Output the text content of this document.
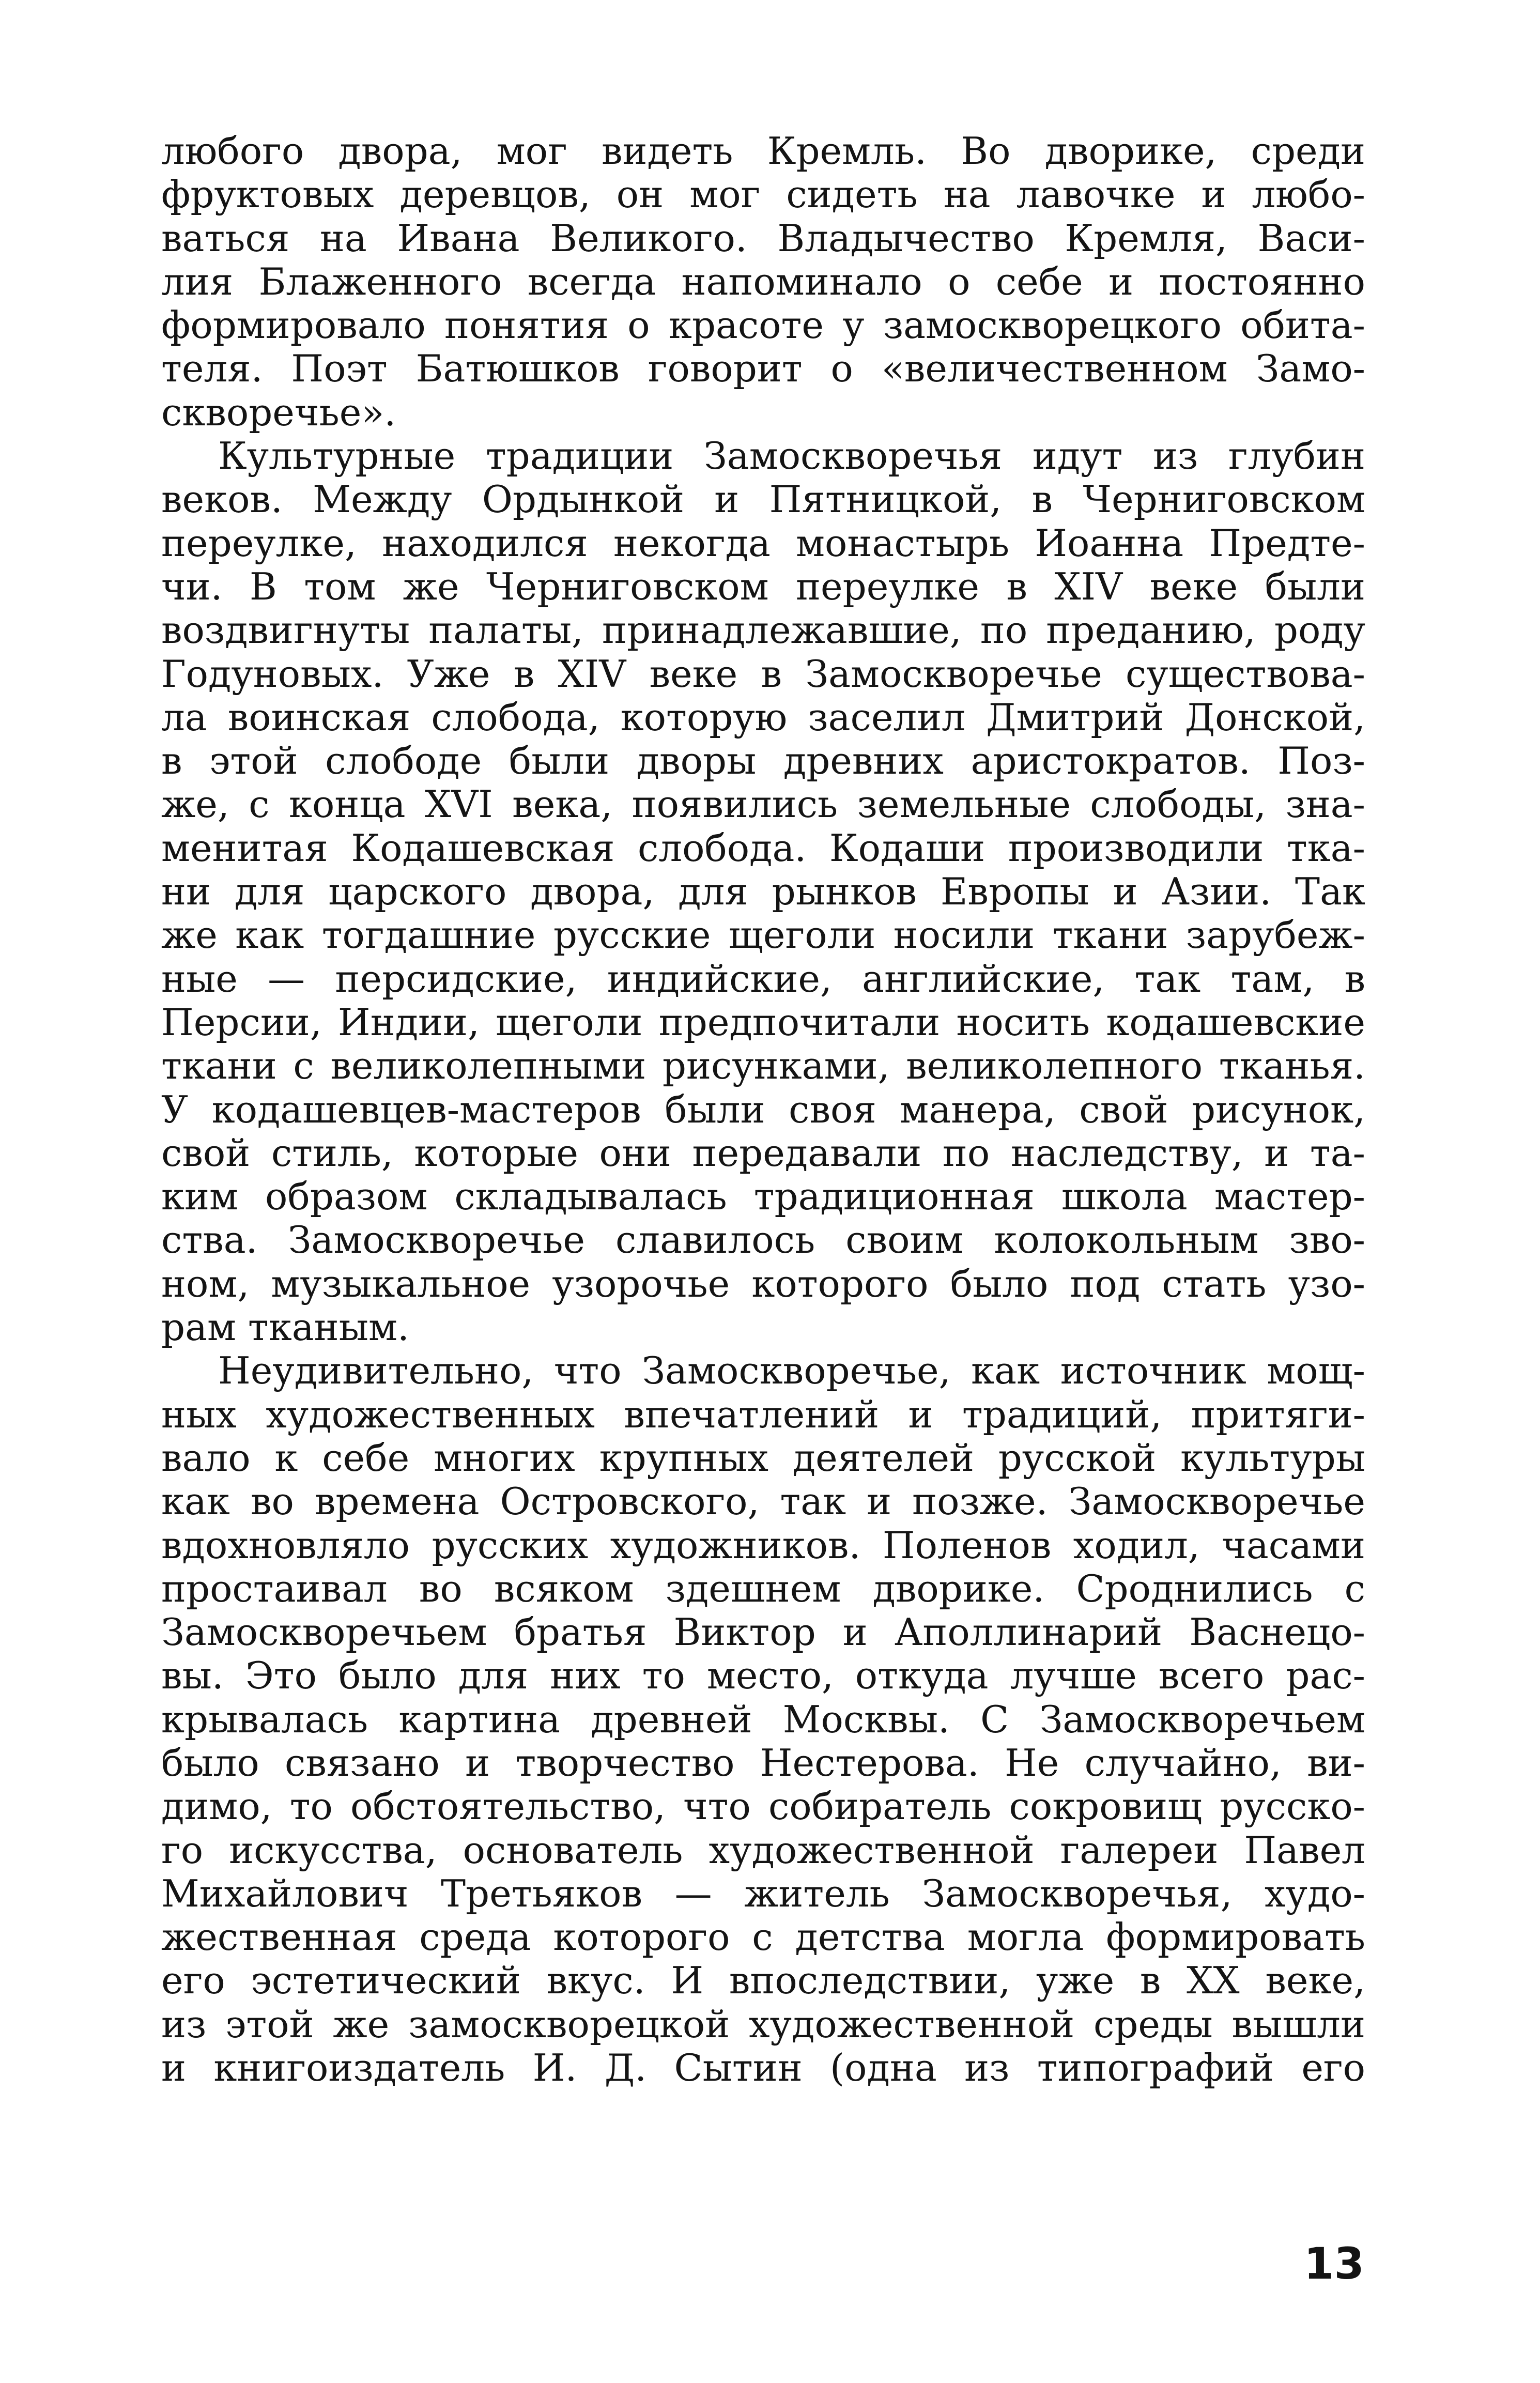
любого двора, мог видеть Кремль. Во дворике, среди
фруктовых деревцов, он мог сидеть на лавочке и любо-
ваться на Ивана Великого. Владычество Кремля, Васи-
лия Блаженного всегда напоминало о себе и постоянно
формировало понятия о красоте у замоскворецкого обита-
теля. Поэт Батюшков говорит о «величественном Замо-
скворечье».
Культурные традиции Замоскворечья идут из глубин
веков. Между Ордынкой и Пятницкой, в Черниговском
переулке, находился некогда монастырь Иоанна Предте-
чи. В том же Черниговском переулке в XIV веке были
воздвигнуты палаты, принадлежавшие, по преданию, роду
Годуновых. Уже в XIV веке в Замоскворечье существова-
ла воинская слобода, которую заселил Дмитрий Донской,
в этой слободе были дворы древних аристократов. Поз-
же, с конца XVI века, появились земельные слободы, зна-
менитая Кодашевская слобода. Кодаши производили тка-
ни для царского двора, для рынков Европы и Азии. Так
же как тогдашние русские щеголи носили ткани зарубеж-
ные — персидские, индийские, английские, так там, в
Персии, Индии, щеголи предпочитали носить кодашевские
ткани с великолепными рисунками, великолепного тканья.
У кодашевцев-мастеров были своя манера, свой рисунок,
свой стиль, которые они передавали по наследству, и та-
ким образом складывалась традиционная школа мастер-
ства. Замоскворечье славилось своим колокольным зво-
ном, музыкальное узорочье которого было под стать узо-
рам тканым.
Неудивительно, что Замоскворечье, как источник мощ-
ных художественных впечатлений и традиций, притяги-
вало к себе многих крупных деятелей русской культуры
как во времена Островского, так и позже. Замоскворечье
вдохновляло русских художников. Поленов ходил, часами
простаивал во всяком здешнем дворике. Сроднились с
Замоскворечьем братья Виктор и Аполлинарий Васнецо-
вы. Это было для них то место, откуда лучше всего рас-
крывалась картина древней Москвы. С Замоскворечьем
было связано и творчество Нестерова. Не случайно, ви-
димо, то обстоятельство, что собиратель сокровищ русско-
го искусства, основатель художественной галереи Павел
Михайлович Третьяков — житель Замоскворечья, худо-
жественная среда которого с детства могла формировать
его эстетический вкус. И впоследствии, уже в XX веке,
из этой же замоскворецкой художественной среды вышли
и книгоиздатель И. Д. Сытин (одна из типографий его
13
